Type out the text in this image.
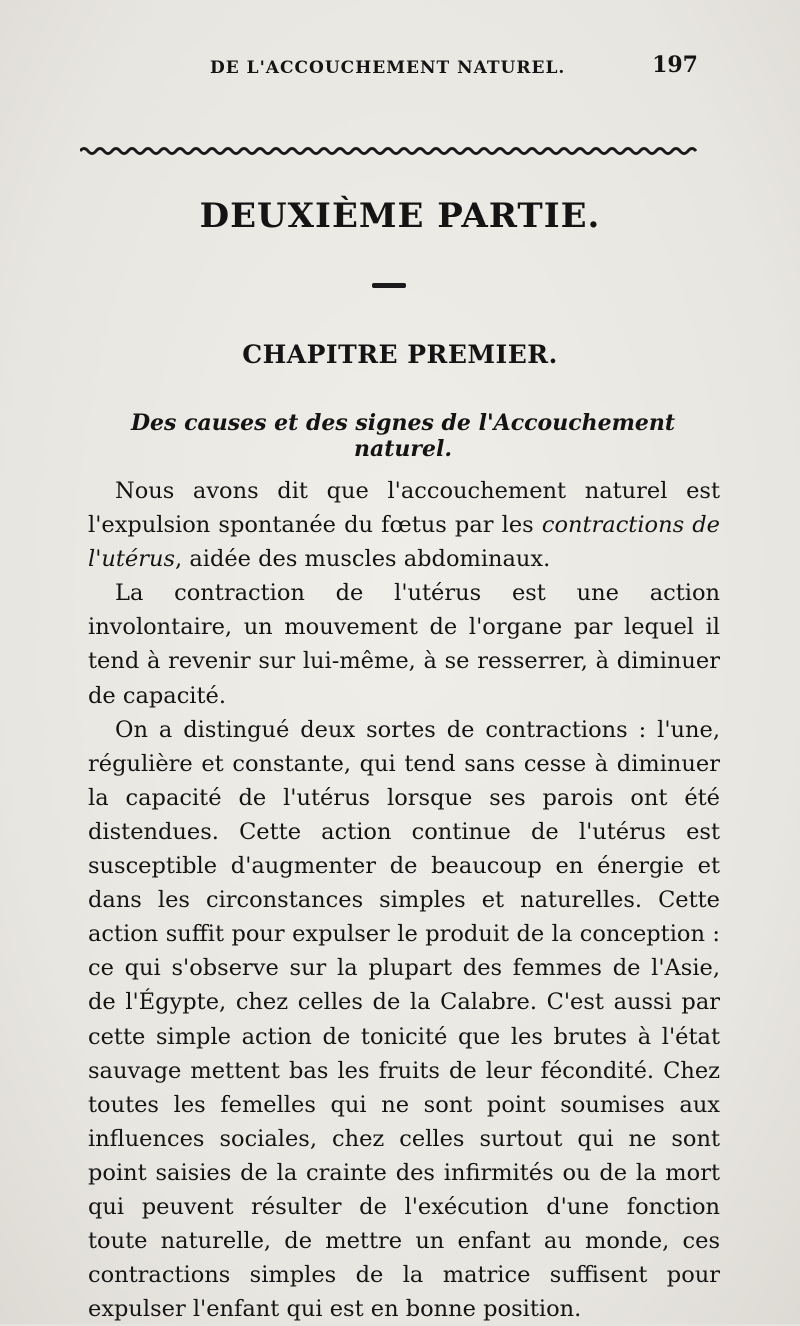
DE L'ACCOUCHEMENT NATUREL.	197
DEUXIÈME PARTIE.
CHAPITRE PREMIER.
Des causes et des signes de l'Accouchement naturel.

Nous avons dit que l'accouchement naturel est l'expulsion spontanée du fœtus par les contractions de l'utérus, aidée des muscles abdominaux.

La contraction de l'utérus est une action involontaire, un mouvement de l'organe par lequel il tend à revenir sur lui-même, à se resserrer, à diminuer de capacité.

On a distingué deux sortes de contractions : l'une, régulière et constante, qui tend sans cesse à diminuer la capacité de l'utérus lorsque ses parois ont été distendues. Cette action continue de l'utérus est susceptible d'augmenter de beaucoup en énergie et dans les circonstances simples et naturelles. Cette action suffit pour expulser le produit de la conception : ce qui s'observe sur la plupart des femmes de l'Asie, de l'Égypte, chez celles de la Calabre. C'est aussi par cette simple action de tonicité que les brutes à l'état sauvage mettent bas les fruits de leur fécondité. Chez toutes les femelles qui ne sont point soumises aux influences sociales, chez celles surtout qui ne sont point saisies de la crainte des infirmités ou de la mort qui peuvent résulter de l'exécution d'une fonction toute naturelle, de mettre un enfant au monde, ces contractions simples de la matrice suffisent pour expulser l'enfant qui est en bonne position.
